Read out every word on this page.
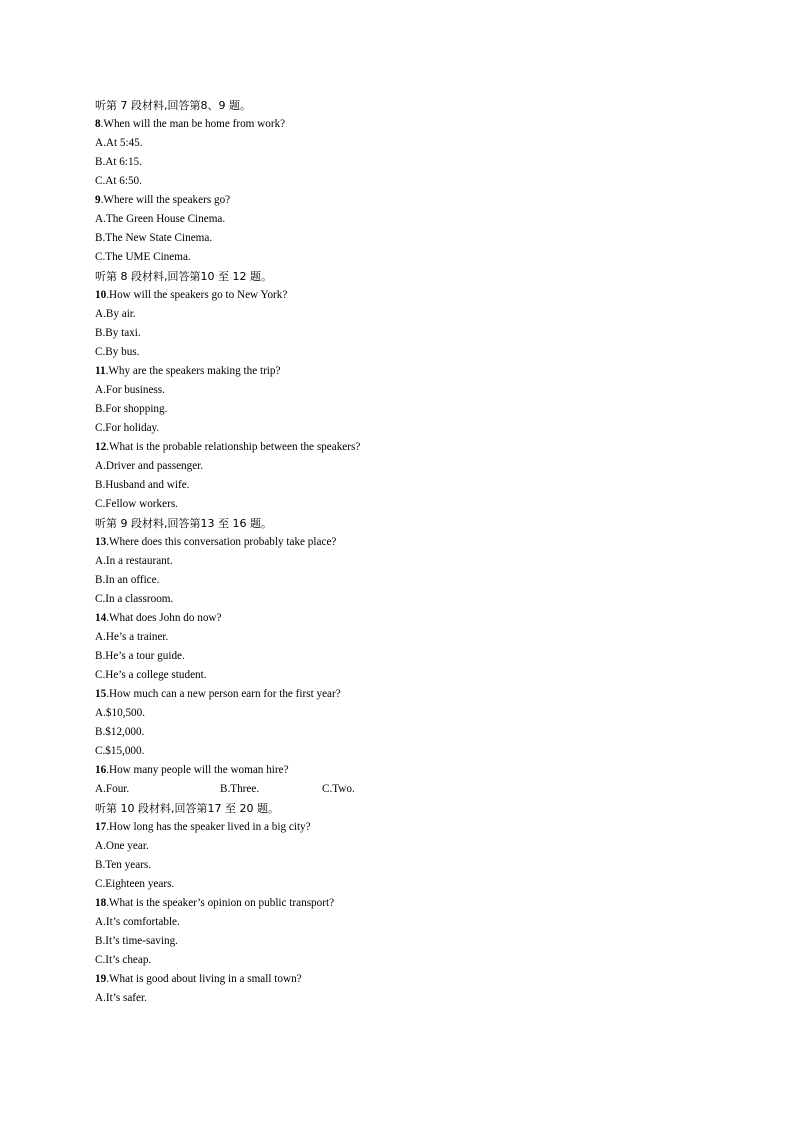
听第 7 段材料,回答第8、9 题。
8.When will the man be home from work?
A.At 5:45.
B.At 6:15.
C.At 6:50.
9.Where will the speakers go?
A.The Green House Cinema.
B.The New State Cinema.
C.The UME Cinema.
听第 8 段材料,回答第10 至 12 题。
10.How will the speakers go to New York?
A.By air.
B.By taxi.
C.By bus.
11.Why are the speakers making the trip?
A.For business.
B.For shopping.
C.For holiday.
12.What is the probable relationship between the speakers?
A.Driver and passenger.
B.Husband and wife.
C.Fellow workers.
听第 9 段材料,回答第13 至 16 题。
13.Where does this conversation probably take place?
A.In a restaurant.
B.In an office.
C.In a classroom.
14.What does John do now?
A.He’s a trainer.
B.He’s a tour guide.
C.He’s a college student.
15.How much can a new person earn for the first year?
A.$10,500.
B.$12,000.
C.$15,000.
16.How many people will the woman hire?
A.Four.	B.Three.	C.Two.
听第 10 段材料,回答第17 至 20 题。
17.How long has the speaker lived in a big city?
A.One year.
B.Ten years.
C.Eighteen years.
18.What is the speaker’s opinion on public transport?
A.It’s comfortable.
B.It’s time-saving.
C.It’s cheap.
19.What is good about living in a small town?
A.It’s safer.
